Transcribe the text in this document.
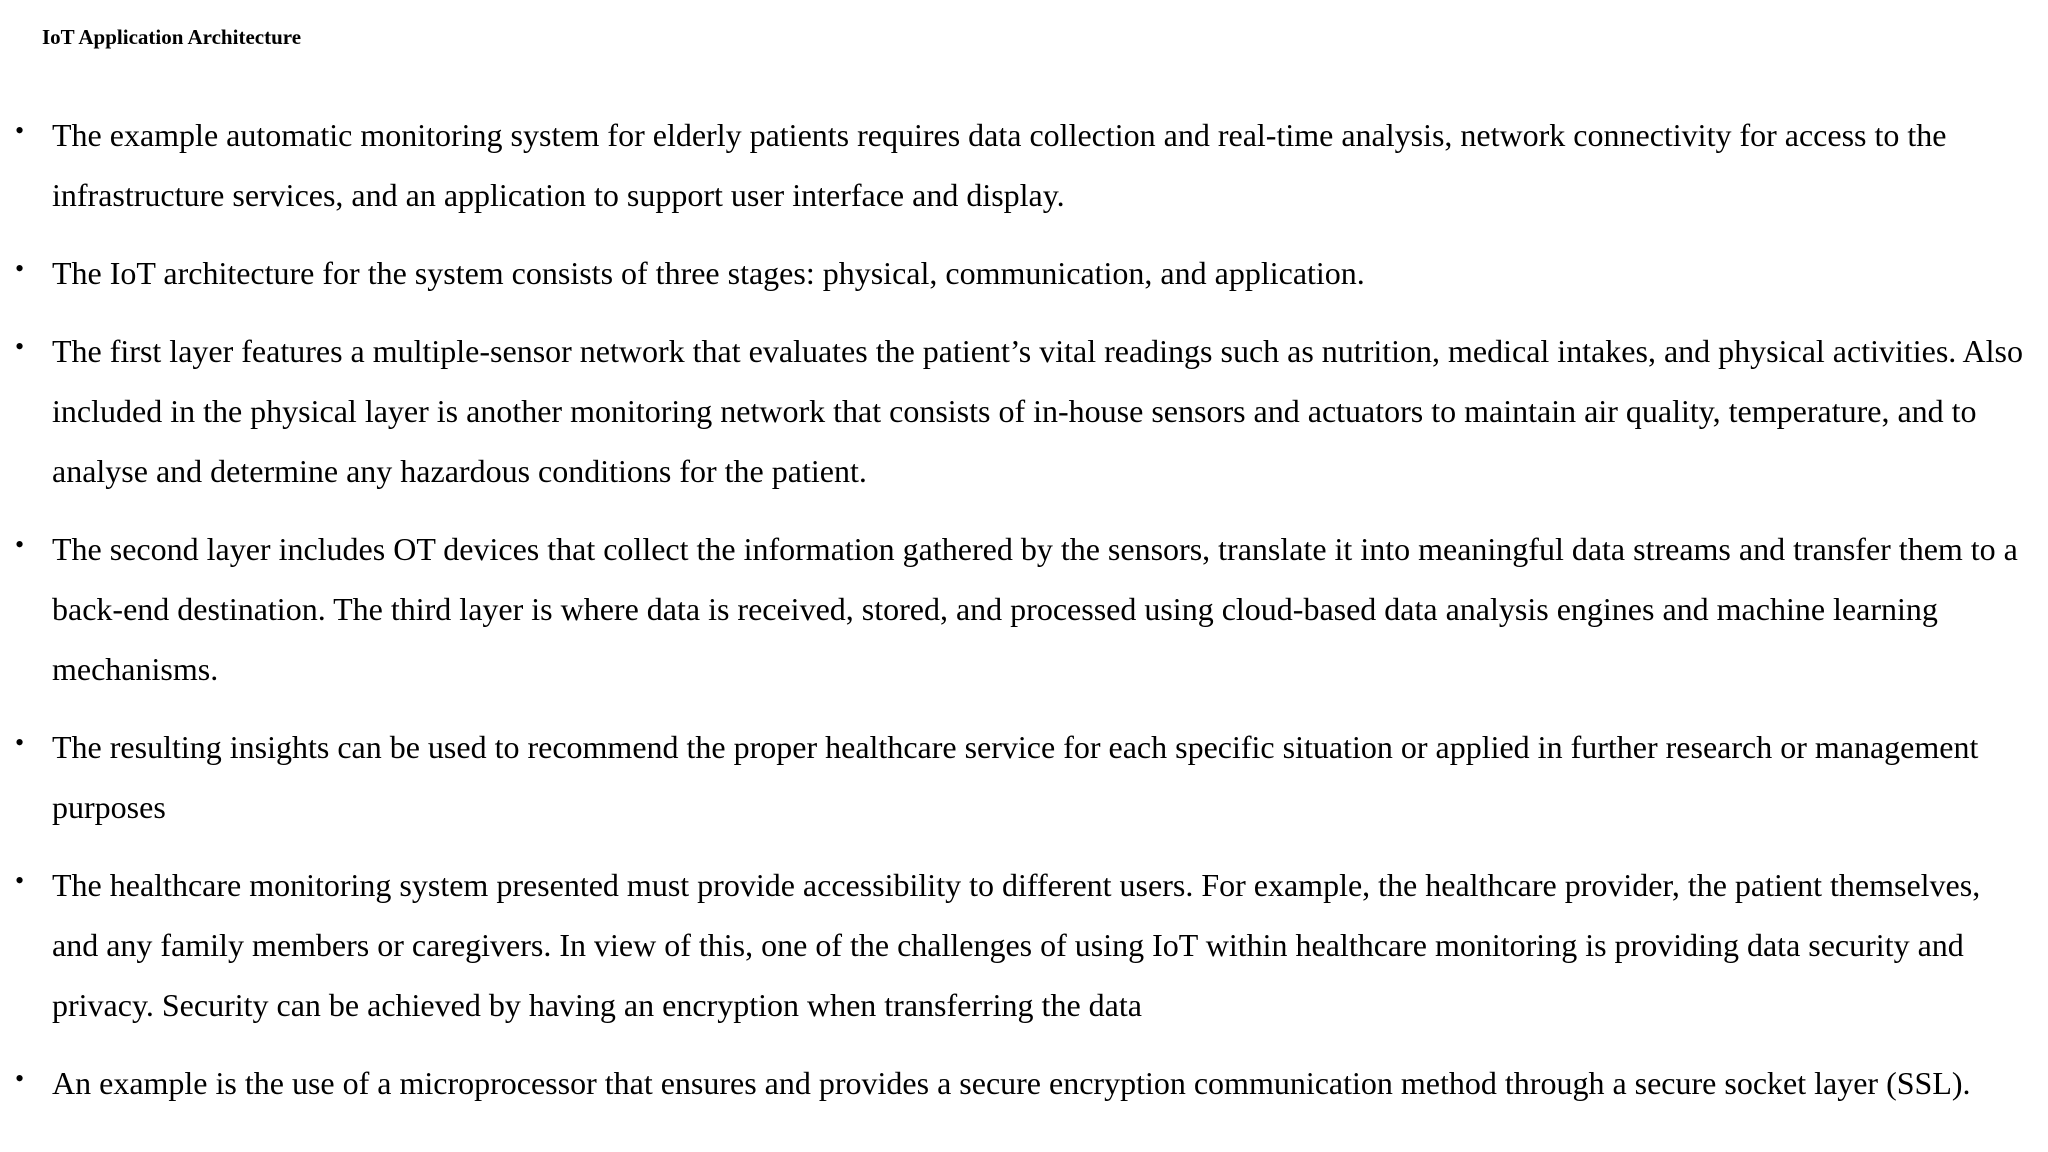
IoT Application Architecture
• The example automatic monitoring system for elderly patients requires data collection and real-time analysis, network connectivity for access to the infrastructure services, and an application to support user interface and display.
• The IoT architecture for the system consists of three stages: physical, communication, and application.
• The first layer features a multiple-sensor network that evaluates the patient’s vital readings such as nutrition, medical intakes, and physical activities. Also included in the physical layer is another monitoring network that consists of in-house sensors and actuators to maintain air quality, temperature, and to analyse and determine any hazardous conditions for the patient.
• The second layer includes OT devices that collect the information gathered by the sensors, translate it into meaningful data streams and transfer them to a back-end destination. The third layer is where data is received, stored, and processed using cloud-based data analysis engines and machine learning mechanisms.
• The resulting insights can be used to recommend the proper healthcare service for each specific situation or applied in further research or management purposes
• The healthcare monitoring system presented must provide accessibility to different users. For example, the healthcare provider, the patient themselves, and any family members or caregivers. In view of this, one of the challenges of using IoT within healthcare monitoring is providing data security and privacy. Security can be achieved by having an encryption when transferring the data
• An example is the use of a microprocessor that ensures and provides a secure encryption communication method through a secure socket layer (SSL).
